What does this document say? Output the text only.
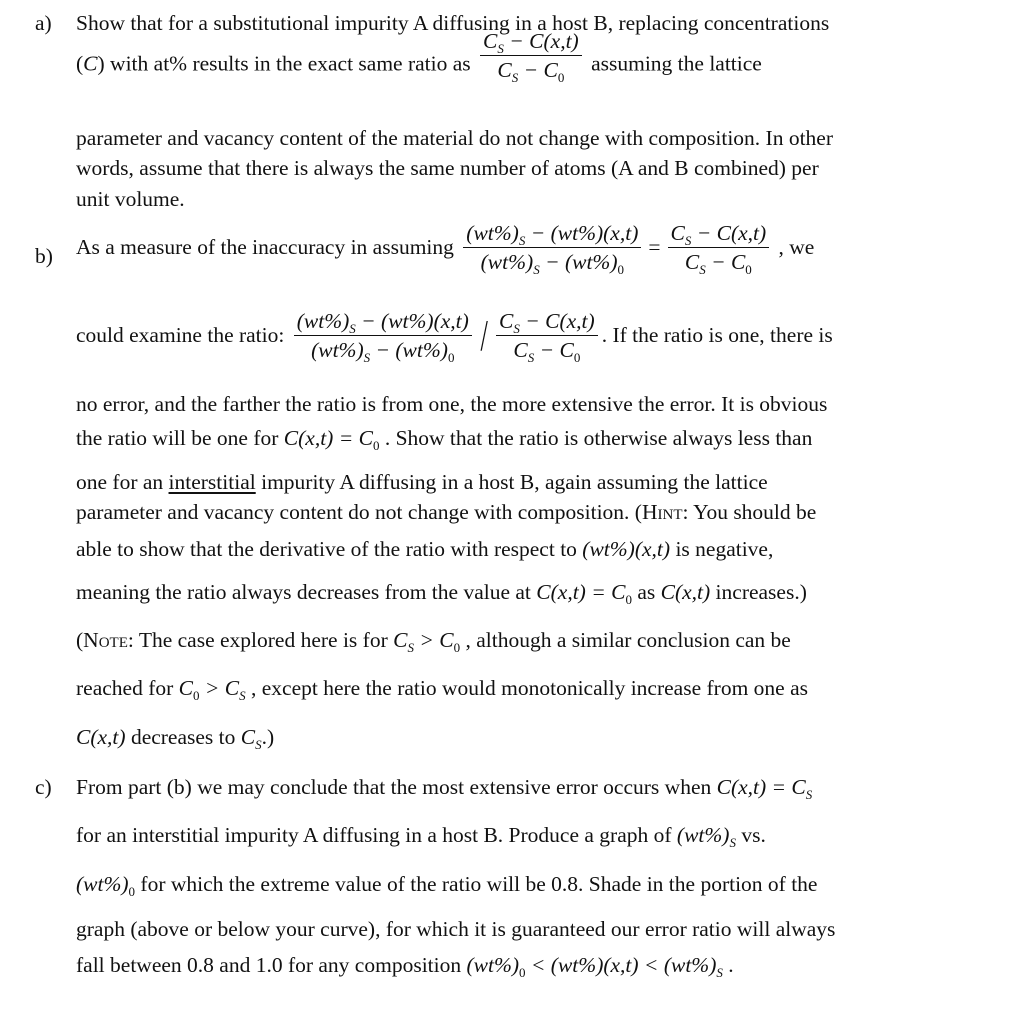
a) Show that for a substitutional impurity A diffusing in a host B, replacing concentrations
(C) with at% results in the exact same ratio as $\frac{C_S - C(x,t)}{C_S - C_0}$ assuming the lattice
parameter and vacancy content of the material do not change with composition. In other
words, assume that there is always the same number of atoms (A and B combined) per
unit volume.
b) As a measure of the inaccuracy in assuming $\frac{(wt\%)_S - (wt\%)(x,t)}{(wt\%)_S - (wt\%)_0} = \frac{C_S - C(x,t)}{C_S - C_0}$ , we
could examine the ratio: $\frac{(wt\%)_S - (wt\%)(x,t)}{(wt\%)_S - (wt\%)_0} / \frac{C_S - C(x,t)}{C_S - C_0}$ . If the ratio is one, there is
no error, and the farther the ratio is from one, the more extensive the error. It is obvious
the ratio will be one for $C(x,t) = C_0$ . Show that the ratio is otherwise always less than
one for an interstitial impurity A diffusing in a host B, again assuming the lattice
parameter and vacancy content do not change with composition. (Hint: You should be
able to show that the derivative of the ratio with respect to (wt%)(x,t) is negative,
meaning the ratio always decreases from the value at $C(x,t) = C_0$ as C(x,t) increases.)
(Note: The case explored here is for $C_S > C_0$ , although a similar conclusion can be
reached for $C_0 > C_S$ , except here the ratio would monotonically increase from one as
C(x,t) decreases to $C_S$.)
c) From part (b) we may conclude that the most extensive error occurs when $C(x,t) = C_S$
for an interstitial impurity A diffusing in a host B. Produce a graph of $(wt\%)_S$ vs.
$(wt\%)_0$ for which the extreme value of the ratio will be 0.8. Shade in the portion of the
graph (above or below your curve), for which it is guaranteed our error ratio will always
fall between 0.8 and 1.0 for any composition $(wt\%)_0 < (wt\%)(x,t) < (wt\%)_S$ .
